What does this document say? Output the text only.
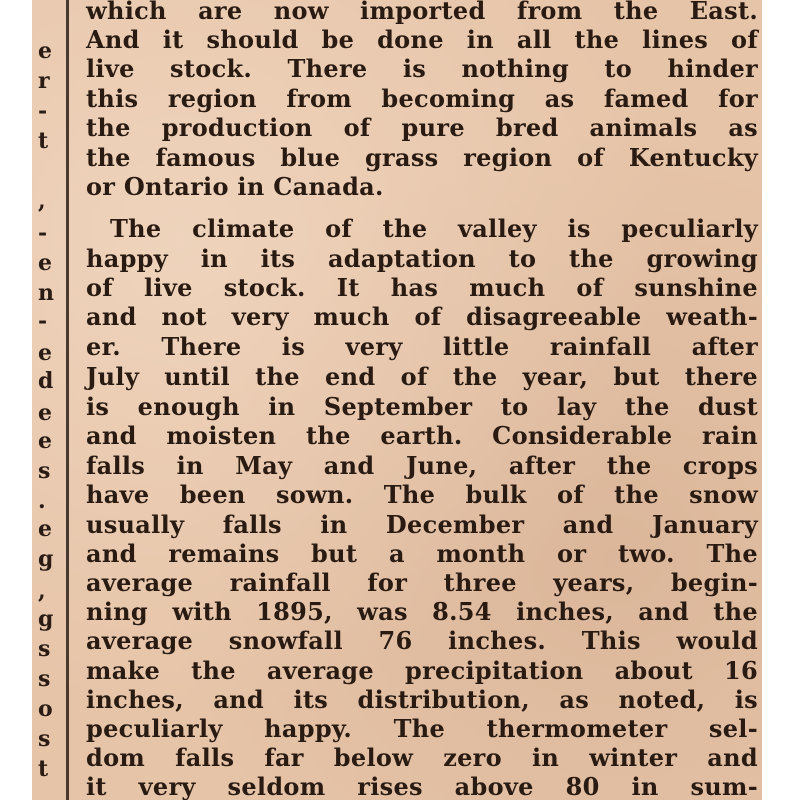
e
r
-
t
,
-
e
n
-
e
d
e
e
s
.
e
g
,
g
s
s
o
s
t
which are now imported from the East.
And it should be done in all the lines of
live stock. There is nothing to hinder
this region from becoming as famed for
the production of pure bred animals as
the famous blue grass region of Kentucky
or Ontario in Canada.
The climate of the valley is peculiarly
happy in its adaptation to the growing
of live stock. It has much of sunshine
and not very much of disagreeable weath-
er. There is very little rainfall after
July until the end of the year, but there
is enough in September to lay the dust
and moisten the earth. Considerable rain
falls in May and June, after the crops
have been sown. The bulk of the snow
usually falls in December and January
and remains but a month or two. The
average rainfall for three years, begin-
ning with 1895, was 8.54 inches, and the
average snowfall 76 inches. This would
make the average precipitation about 16
inches, and its distribution, as noted, is
peculiarly happy. The thermometer sel-
dom falls far below zero in winter and
it very seldom rises above 80 in sum-
